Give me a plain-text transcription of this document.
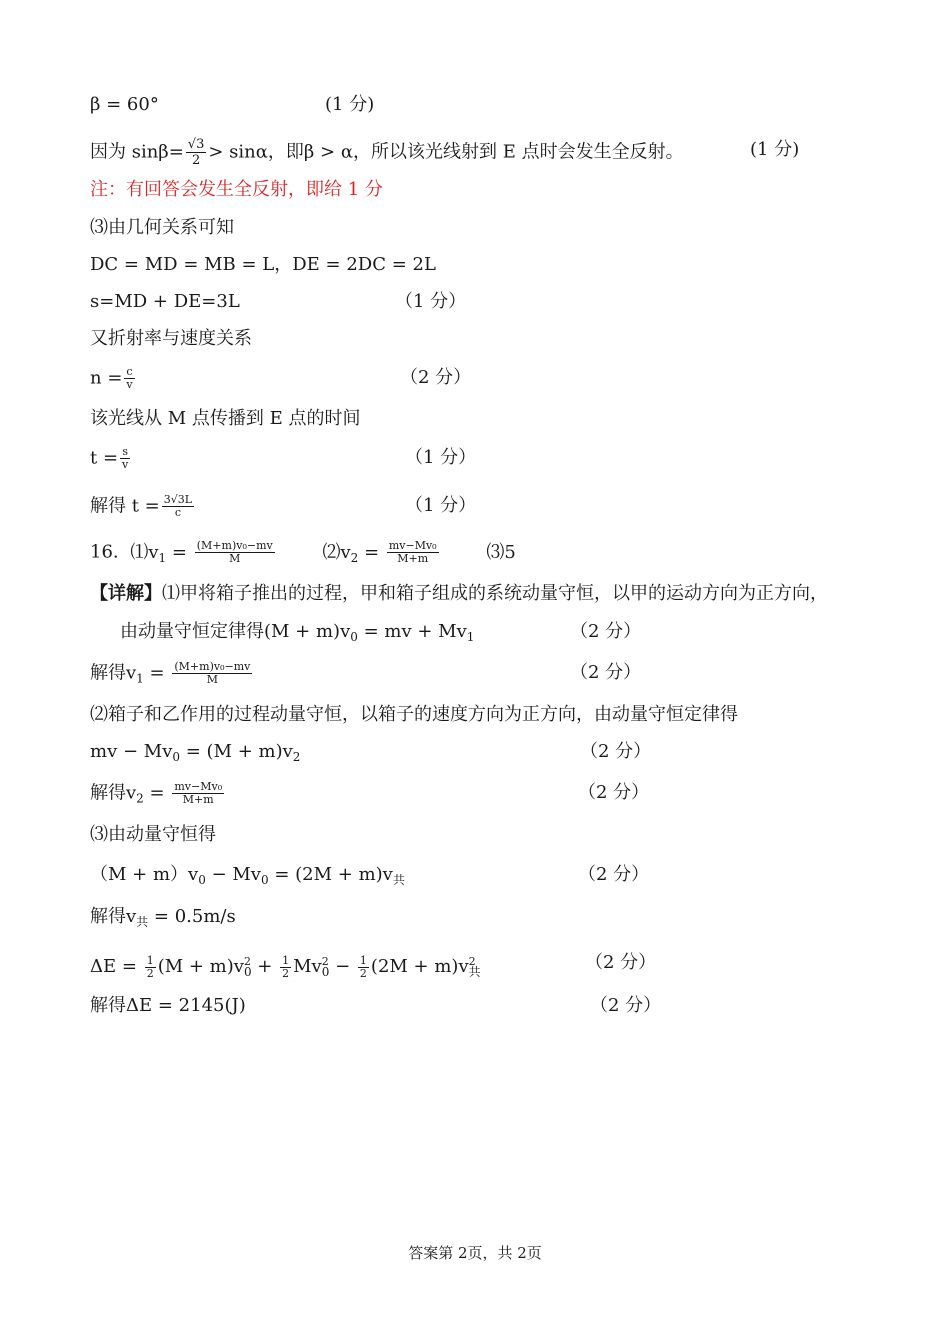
β = 60°	(1 分)
因为 $\sin\beta= \frac{√3}{2} > \sin\alpha$，即β > α，所以该光线射到 E 点时会发生全反射。	(1 分)
注：有回答会发生全反射，即给 1 分
⑶由几何关系可知
DC = MD = MB = L，DE = 2DC = 2L
s=MD + DE=3L	（1 分）
又折射率与速度关系
$n = \frac{c}{v}$	（2 分）
该光线从 M 点传播到 E 点的时间
$t = \frac{s}{v}$	（1 分）
解得 $t = \frac{3√3L}{c}$	（1 分）
16. $⑴v_1 = \frac{\text{(M+m)v₀−mv}}{M}$	$⑵v_2 = \frac{\text{mv−Mv₀}}{M+m}$	⑶5
【详解】⑴甲将箱子推出的过程，甲和箱子组成的系统动量守恒，以甲的运动方向为正方向，
由动量守恒定律得$(M + m)v_0$ = mv + $Mv_1$	（2 分）
解得$v_1 = \frac{\text{(M+m)v₀−mv}}{M}$	（2 分）
⑵箱子和乙作用的过程动量守恒，以箱子的速度方向为正方向，由动量守恒定律得
mv − $Mv_0 = (M + m)v_2$	（2 分）
解得$v_2 = \frac{\text{mv−Mv₀}}{M+m}$	（2 分）
⑶由动量守恒得
$(M + m)v_0 - Mv_0 = (2M + m)v_共$	（2 分）
解得$v_共 = 0.5m/s$
$\Delta E = \frac{1}{2} (M + m)v^2_0 + \frac{1}{2} Mv^2_0 - \frac{1}{2} (2M + m)v^2_共$	（2 分）
解得ΔE = 2145(J)	（2 分）
答案第 2页，共 2页
